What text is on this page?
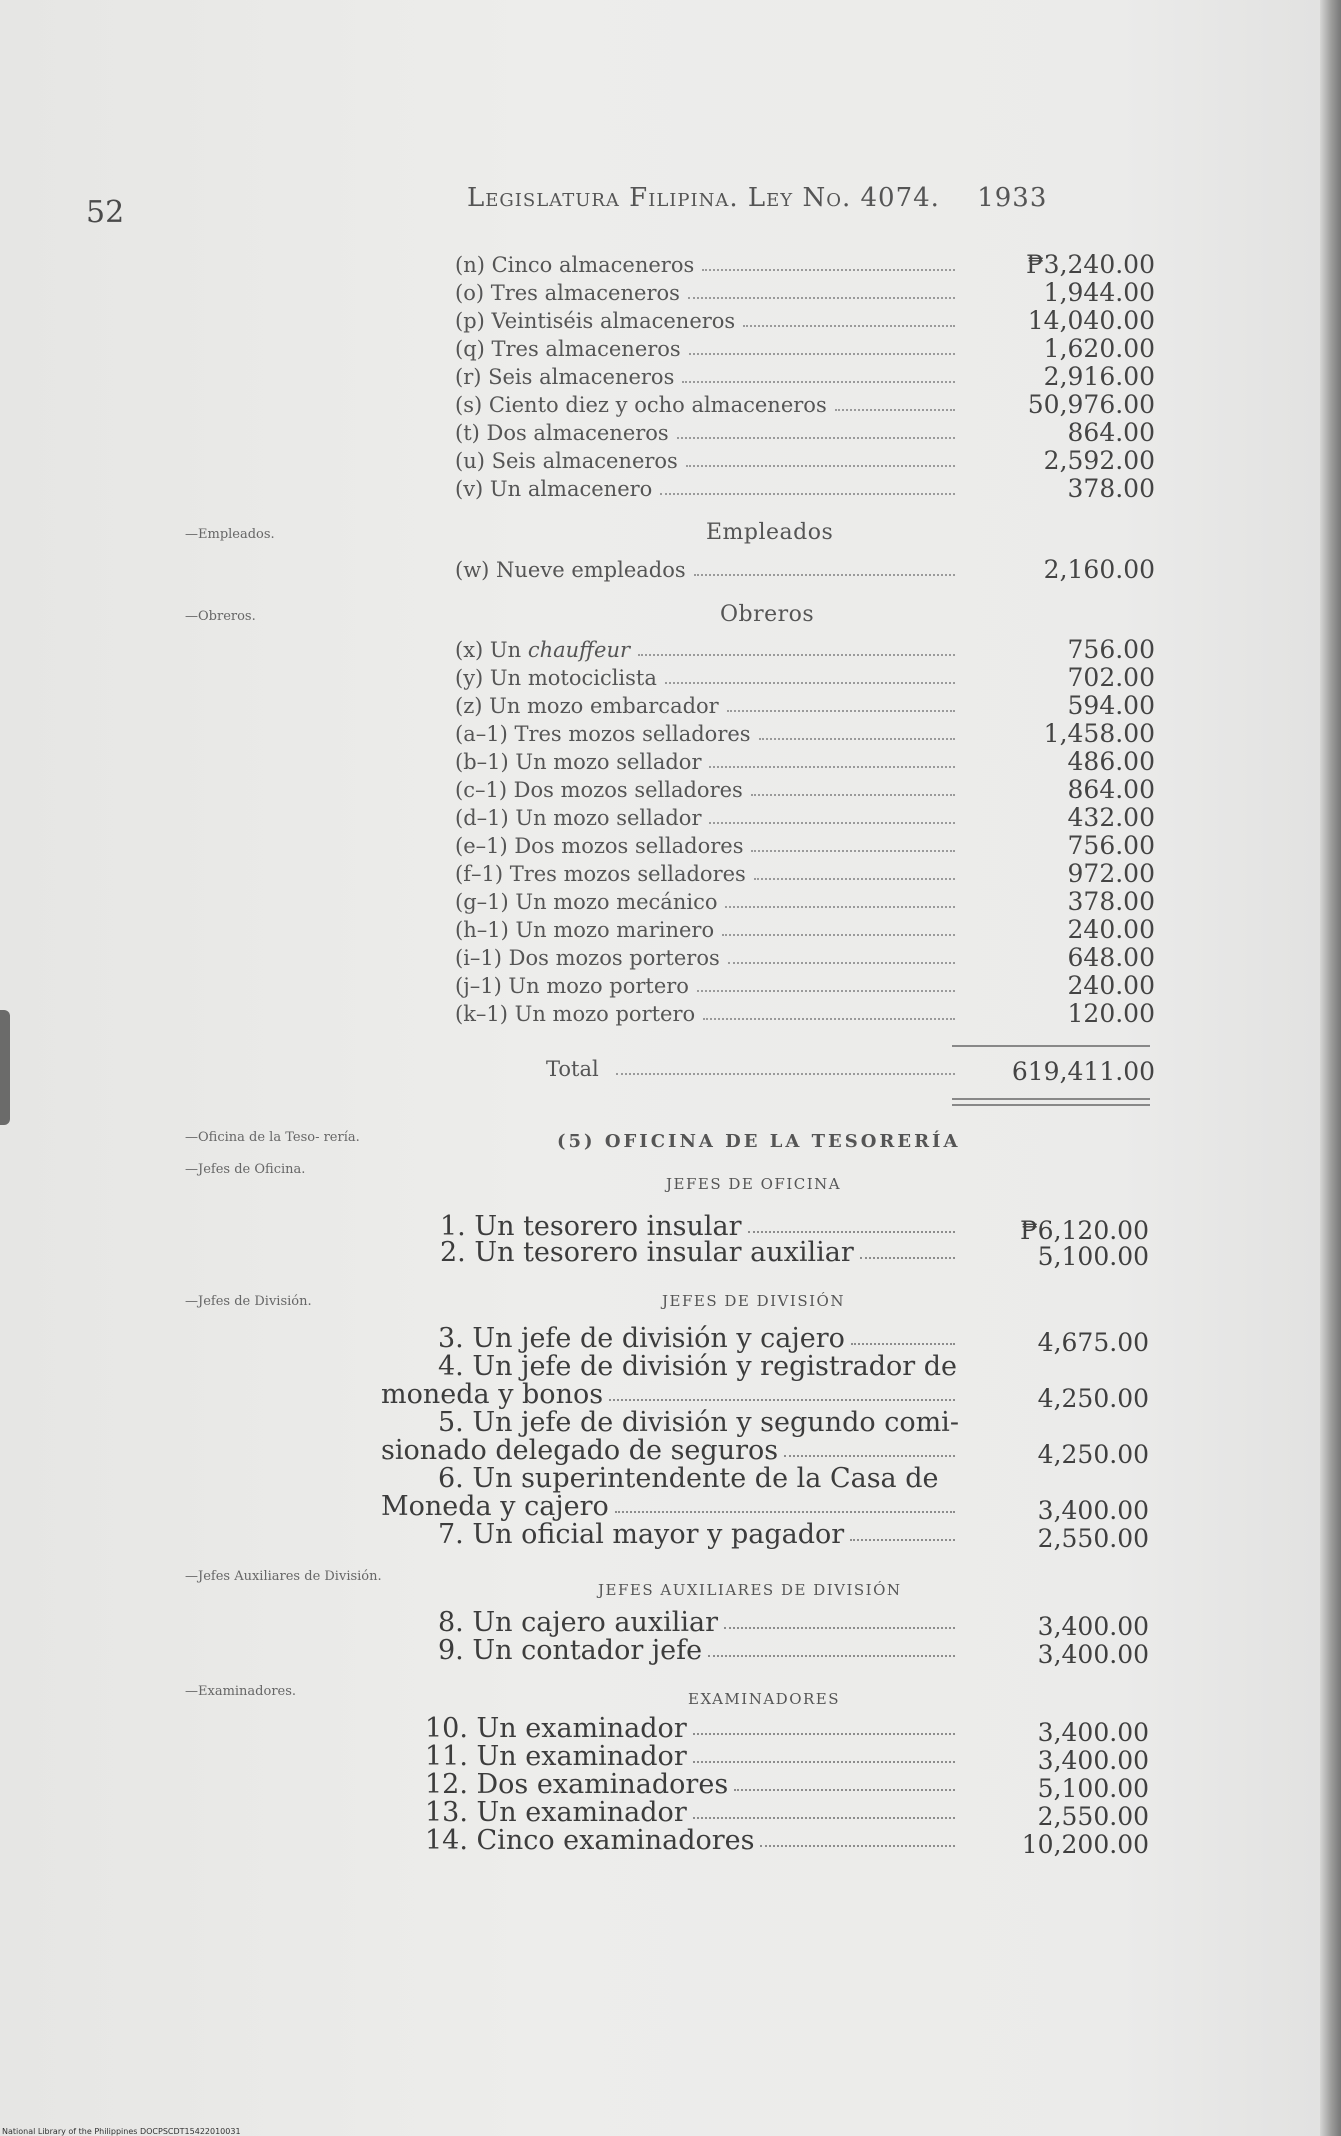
52	Legislatura Filipina. Ley No. 4074. 1933
(n) Cinco almaceneros	₱3,240.00
(o) Tres almaceneros	1,944.00
(p) Veintiséis almaceneros	14,040.00
(q) Tres almaceneros	1,620.00
(r) Seis almaceneros	2,916.00
(s) Ciento diez y ocho almaceneros	50,976.00
(t) Dos almaceneros	864.00
(u) Seis almaceneros	2,592.00
(v) Un almacenero	378.00
—Empleados.	Empleados
(w) Nueve empleados	2,160.00
—Obreros.	Obreros
(x) Un chauffeur	756.00
(y) Un motociclista	702.00
(z) Un mozo embarcador	594.00
(a–1) Tres mozos selladores	1,458.00
(b–1) Un mozo sellador	486.00
(c–1) Dos mozos selladores	864.00
(d–1) Un mozo sellador	432.00
(e–1) Dos mozos selladores	756.00
(f–1) Tres mozos selladores	972.00
(g–1) Un mozo mecánico	378.00
(h–1) Un mozo marinero	240.00
(i–1) Dos mozos porteros	648.00
(j–1) Un mozo portero	240.00
(k–1) Un mozo portero	120.00
Total	619,411.00
—Oficina de la Teso- rería.
—Jefes de Oficina.
(5) OFICINA DE LA TESORERÍA
JEFES DE OFICINA
1. Un tesorero insular	₱6,120.00
2. Un tesorero insular auxiliar	5,100.00
—Jefes de División.	JEFES DE DIVISIÓN
3. Un jefe de división y cajero	4,675.00
4. Un jefe de división y registrador de
moneda y bonos	4,250.00
5. Un jefe de división y segundo comi-
sionado delegado de seguros	4,250.00
6. Un superintendente de la Casa de
Moneda y cajero	3,400.00
7. Un oficial mayor y pagador	2,550.00
—Jefes Auxiliares de División.
JEFES AUXILIARES DE DIVISIÓN
8. Un cajero auxiliar	3,400.00
9. Un contador jefe	3,400.00
—Examinadores.	EXAMINADORES
10. Un examinador	3,400.00
11. Un examinador	3,400.00
12. Dos examinadores	5,100.00
13. Un examinador	2,550.00
14. Cinco examinadores	10,200.00
National Library of the Philippines DOCPSCDT15422010031
